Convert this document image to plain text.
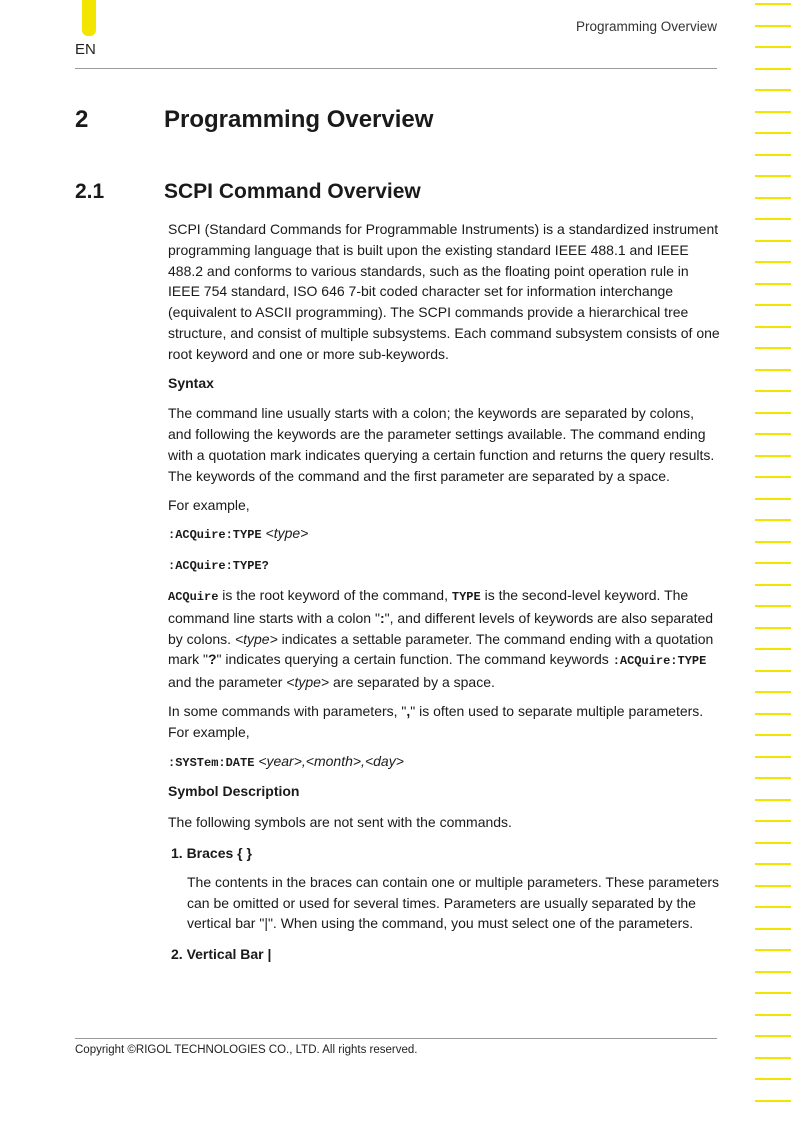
EN
Programming Overview
2	Programming Overview
2.1	SCPI Command Overview

SCPI (Standard Commands for Programmable Instruments) is a standardized instrument programming language that is built upon the existing standard IEEE 488.1 and IEEE 488.2 and conforms to various standards, such as the floating point operation rule in IEEE 754 standard, ISO 646 7-bit coded character set for information interchange (equivalent to ASCII programming). The SCPI commands provide a hierarchical tree structure, and consist of multiple subsystems. Each command subsystem consists of one root keyword and one or more sub-keywords.

Syntax

The command line usually starts with a colon; the keywords are separated by colons, and following the keywords are the parameter settings available. The command ending with a quotation mark indicates querying a certain function and returns the query results. The keywords of the command and the first parameter are separated by a space.

For example,

:ACQuire:TYPE <type>

:ACQuire:TYPE?

ACQuire is the root keyword of the command, TYPE is the second-level keyword. The command line starts with a colon ":", and different levels of keywords are also separated by colons. <type> indicates a settable parameter. The command ending with a quotation mark "?" indicates querying a certain function. The command keywords :ACQuire:TYPE and the parameter <type> are separated by a space.

In some commands with parameters, "," is often used to separate multiple parameters. For example,

:SYSTem:DATE <year>,<month>,<day>

Symbol Description

The following symbols are not sent with the commands.

1. Braces { }

The contents in the braces can contain one or multiple parameters. These parameters can be omitted or used for several times. Parameters are usually separated by the vertical bar "|". When using the command, you must select one of the parameters.

2. Vertical Bar |

Copyright ©RIGOL TECHNOLOGIES CO., LTD. All rights reserved.
